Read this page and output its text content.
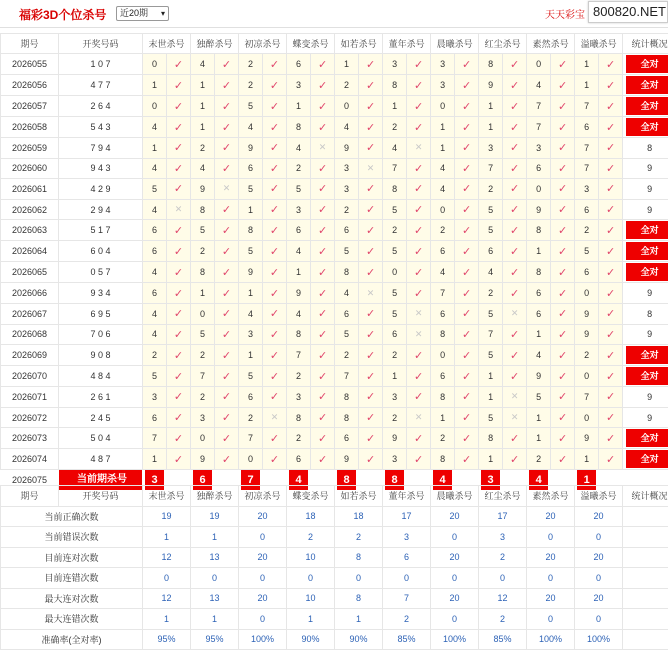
福彩3D个位杀号	近20期 ▾	天天彩宝 800820.NET
期号	开奖号码	末世杀号		独醉杀号		初凉杀号		蝶变杀号		如若杀号		董年杀号		晨曦杀号		红尘杀号		素然杀号		溢曦杀号		统计概况
2026055	1 0 7	0	✓	4	✓	2	✓	6	✓	1	✓	3	✓	3	✓	8	✓	0	✓	1	✓	全对

2026056	4 7 7	1	✓	1	✓	2	✓	3	✓	2	✓	8	✓	3	✓	9	✓	4	✓	1	✓	全对

2026057	2 6 4	0	✓	1	✓	5	✓	1	✓	0	✓	1	✓	0	✓	1	✓	7	✓	7	✓	全对

2026058	5 4 3	4	✓	1	✓	4	✓	8	✓	4	✓	2	✓	1	✓	1	✓	7	✓	6	✓	全对

2026059	7 9 4	1	✓	2	✓	9	✓	4	✕	9	✓	4	✕	1	✓	3	✓	3	✓	7	✓	8
2026060	9 4 3	4	✓	4	✓	6	✓	2	✓	3	✕	7	✓	4	✓	7	✓	6	✓	7	✓	9
2026061	4 2 9	5	✓	9	✕	5	✓	5	✓	3	✓	8	✓	4	✓	2	✓	0	✓	3	✓	9
2026062	2 9 4	4	✕	8	✓	1	✓	3	✓	2	✓	5	✓	0	✓	5	✓	9	✓	6	✓	9
2026063	5 1 7	6	✓	5	✓	8	✓	6	✓	6	✓	2	✓	2	✓	5	✓	8	✓	2	✓	全对

2026064	6 0 4	6	✓	2	✓	5	✓	4	✓	5	✓	5	✓	6	✓	6	✓	1	✓	5	✓	全对

2026065	0 5 7	4	✓	8	✓	9	✓	1	✓	8	✓	0	✓	4	✓	4	✓	8	✓	6	✓	全对

2026066	9 3 4	6	✓	1	✓	1	✓	9	✓	4	✕	5	✓	7	✓	2	✓	6	✓	0	✓	9
2026067	6 9 5	4	✓	0	✓	4	✓	4	✓	6	✓	5	✕	6	✓	5	✕	6	✓	9	✓	8
2026068	7 0 6	4	✓	5	✓	3	✓	8	✓	5	✓	6	✕	8	✓	7	✓	1	✓	9	✓	9
2026069	9 0 8	2	✓	2	✓	1	✓	7	✓	2	✓	2	✓	0	✓	5	✓	4	✓	2	✓	全对

2026070	4 8 4	5	✓	7	✓	5	✓	2	✓	7	✓	1	✓	6	✓	1	✓	9	✓	0	✓	全对

2026071	2 6 1	3	✓	2	✓	6	✓	3	✓	8	✓	3	✓	8	✓	1	✕	5	✓	7	✓	9
2026072	2 4 5	6	✓	3	✓	2	✕	8	✓	8	✓	2	✕	1	✓	5	✕	1	✓	0	✓	9
2026073	5 0 4	7	✓	0	✓	7	✓	2	✓	6	✓	9	✓	2	✓	8	✓	1	✓	9	✓	全对

2026074	4 8 7	1	✓	9	✓	0	✓	6	✓	9	✓	3	✓	8	✓	1	✓	2	✓	1	✓	全对

2026075	当前期杀号	3		6		7		4		8		8		4		3		4		1		
期号	开奖号码	末世杀号	独醉杀号	初凉杀号	蝶变杀号	如若杀号	董年杀号	晨曦杀号	红尘杀号	素然杀号	溢曦杀号	统计概况
当前正确次数		19	19	20	18	18	17	20	17	20	20	
当前错误次数		1	1	0	2	2	3	0	3	0	0	
目前连对次数		12	13	20	10	8	6	20	2	20	20	
目前连错次数		0	0	0	0	0	0	0	0	0	0	
最大连对次数		12	13	20	10	8	7	20	12	20	20	
最大连错次数		1	1	0	1	1	2	0	2	0	0	
准确率(全对率)		95%	95%	100%	90%	90%	85%	100%	85%	100%	100%	
